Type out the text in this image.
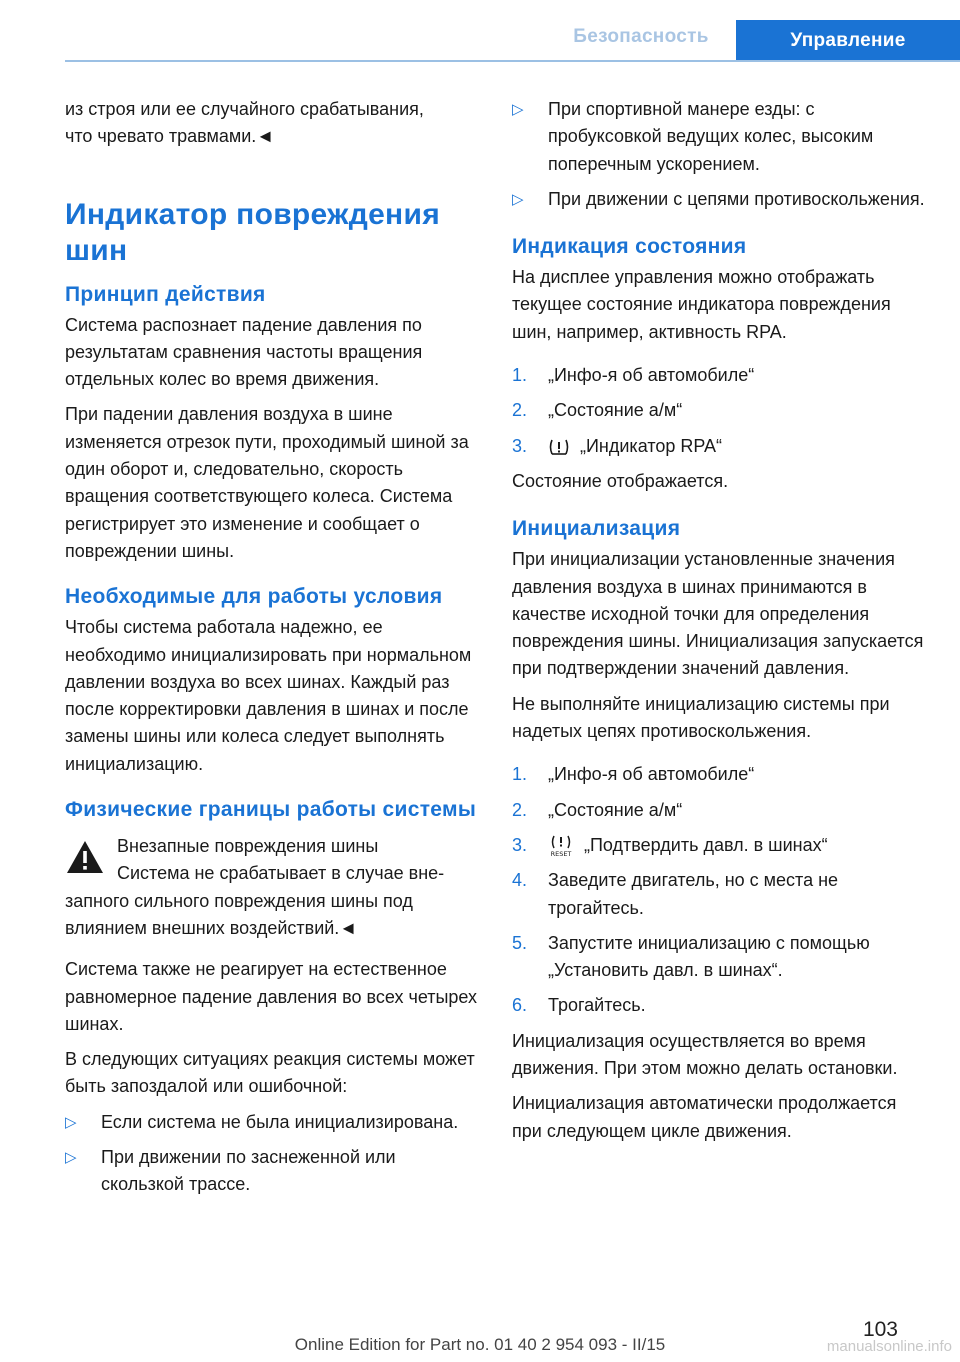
Безопасность	Управление

из строя или ее случайного срабатывания,
что чревато травмами.◄

Индикатор повреждения шин
Принцип действия

Система распознает падение давления по результатам сравнения частоты вращения отдельных колес во время движения.

При падении давления воздуха в шине изменяется отрезок пути, проходимый шиной за один оборот и, следовательно, скорость вращения соответствующего колеса. Система регистрирует это изменение и сообщает о повреждении шины.

Необходимые для работы условия

Чтобы система работала надежно, ее необходимо инициализировать при нормальном давлении воздуха во всех шинах. Каждый раз после корректировки давления в шинах и после замены шины или колеса следует выполнять инициализацию.

Физические границы работы системы

Внезапные повреждения шины

Система не срабатывает в случае вне-

запного сильного повреждения шины под влиянием внешних воздействий.◄

Система также не реагирует на естественное равномерное падение давления во всех четырех шинах.

В следующих ситуациях реакция системы может быть запоздалой или ошибочной:

▷ Если система не была инициализирована.
▷ При движении по заснеженной или скользкой трассе.
▷ При спортивной манере езды: с пробуксовкой ведущих колес, высоким поперечным ускорением.
▷ При движении с цепями противоскольжения.
Индикация состояния

На дисплее управления можно отображать текущее состояние индикатора повреждения шин, например, активность RPA.

1. „Инфо-я об автомобиле“
2. „Состояние а/м“
3.	„Индикатор RPA“

Состояние отображается.

Инициализация

При инициализации установленные значения давления воздуха в шинах принимаются в качестве исходной точки для определения повреждения шины. Инициализация запускается при подтверждении значений давления.

Не выполняйте инициализацию системы при надетых цепях противоскольжения.

1. „Инфо-я об автомобиле“
2. „Состояние а/м“
3.	RESET „Подтвердить давл. в шинах“
4. Заведите двигатель, но с места не трогайтесь.
5. Запустите инициализацию с помощью „Установить давл. в шинах“.
6. Трогайтесь.

Инициализация осуществляется во время движения. При этом можно делать остановки.

Инициализация автоматически продолжается при следующем цикле движения.

103
Online Edition for Part no. 01 40 2 954 093 - II/15	manualsonline.info
